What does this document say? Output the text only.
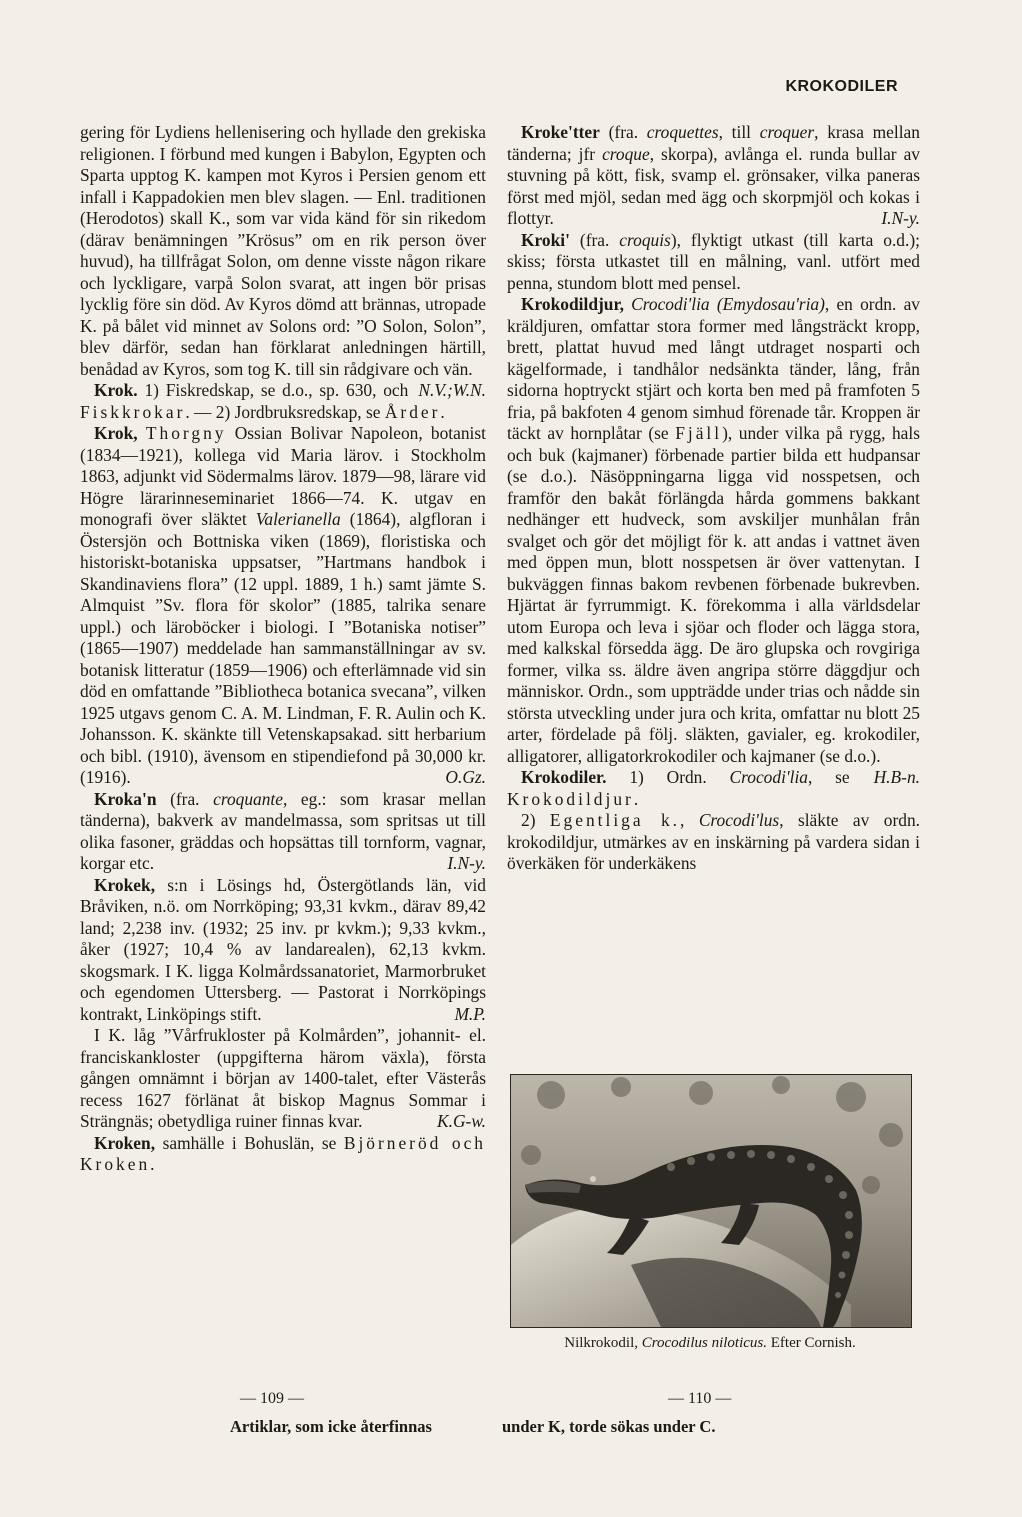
KROKODILER

gering för Lydiens hellenisering och hyllade den grekiska religionen. I förbund med kungen i Babylon, Egypten och Sparta upptog K. kampen mot Kyros i Persien genom ett infall i Kappadokien men blev slagen. — Enl. traditionen (Herodotos) skall K., som var vida känd för sin rikedom (därav benämningen ”Krösus” om en rik person över huvud), ha tillfrågat Solon, om denne visste någon rikare och lyckligare, varpå Solon svarat, att ingen bör prisas lycklig före sin död. Av Kyros dömd att brännas, utropade K. på bålet vid minnet av Solons ord: ”O Solon, Solon”, blev därför, sedan han förklarat anledningen härtill, benådad av Kyros, som tog K. till sin rådgivare och vän.
N.V.;W.N.

Krok. 1) Fiskredskap, se d.o., sp. 630, och Fiskkrokar. — 2) Jordbruksredskap, se Årder.

Krok, Thorgny Ossian Bolivar Napoleon, botanist (1834—1921), kollega vid Maria lärov. i Stockholm 1863, adjunkt vid Södermalms lärov. 1879—98, lärare vid Högre lärarinneseminariet 1866—74. K. utgav en monografi över släktet Valerianella (1864), algfloran i Östersjön och Bottniska viken (1869), floristiska och historiskt-botaniska uppsatser, ”Hartmans handbok i Skandinaviens flora” (12 uppl. 1889, 1 h.) samt jämte S. Almquist ”Sv. flora för skolor” (1885, talrika senare uppl.) och läroböcker i biologi. I ”Botaniska notiser” (1865—1907) meddelade han sammanställningar av sv. botanisk litteratur (1859—1906) och efterlämnade vid sin död en omfattande ”Bibliotheca botanica svecana”, vilken 1925 utgavs genom C. A. M. Lindman, F. R. Aulin och K. Johansson. K. skänkte till Vetenskapsakad. sitt herbarium och bibl. (1910), ävensom en stipendiefond på 30,000 kr. (1916).	O.Gz.

Kroka'n (fra. croquante, eg.: som krasar mellan tänderna), bakverk av mandelmassa, som spritsas ut till olika fasoner, gräddas och hopsättas till tornform, vagnar, korgar etc.	I.N-y.

Krokek, s:n i Lösings hd, Östergötlands län, vid Bråviken, n.ö. om Norrköping; 93,31 kvkm., därav 89,42 land; 2,238 inv. (1932; 25 inv. pr kvkm.); 9,33 kvkm., åker (1927; 10,4 % av landarealen), 62,13 kvkm. skogsmark. I K. ligga Kolmårdssanatoriet, Marmorbruket och egendomen Uttersberg. — Pastorat i Norrköpings kontrakt, Linköpings stift.	M.P.

I K. låg ”Vårfrukloster på Kolmården”, johannit- el. franciskankloster (uppgifterna härom växla), första gången omnämnt i början av 1400-talet, efter Västerås recess 1627 förlänat åt biskop Magnus Sommar i Strängnäs; obetydliga ruiner finnas kvar.	K.G-w.

Kroken, samhälle i Bohuslän, se Björneröd och Kroken.

Kroke'tter (fra. croquettes, till croquer, krasa mellan tänderna; jfr croque, skorpa), avlånga el. runda bullar av stuvning på kött, fisk, svamp el. grönsaker, vilka paneras först med mjöl, sedan med ägg och skorpmjöl och kokas i flottyr.	I.N-y.

Kroki' (fra. croquis), flyktigt utkast (till karta o.d.); skiss; första utkastet till en målning, vanl. utfört med penna, stundom blott med pensel.

Krokodildjur, Crocodi'lia (Emydosau'ria), en ordn. av kräldjuren, omfattar stora former med långsträckt kropp, brett, plattat huvud med långt utdraget nosparti och kägelformade, i tandhålor nedsänkta tänder, lång, från sidorna hoptryckt stjärt och korta ben med på framfoten 5 fria, på bakfoten 4 genom simhud förenade tår. Kroppen är täckt av hornplåtar (se Fjäll), under vilka på rygg, hals och buk (kajmaner) förbenade partier bilda ett hudpansar (se d.o.). Näsöppningarna ligga vid nosspetsen, och framför den bakåt förlängda hårda gommens bakkant nedhänger ett hudveck, som avskiljer munhålan från svalget och gör det möjligt för k. att andas i vattnet även med öppen mun, blott nosspetsen är över vattenytan. I bukväggen finnas bakom revbenen förbenade bukrevben. Hjärtat är fyrrummigt. K. förekomma i alla världsdelar utom Europa och leva i sjöar och floder och lägga stora, med kalkskal försedda ägg. De äro glupska och rovgiriga former, vilka ss. äldre även angripa större däggdjur och människor. Ordn., som uppträdde under trias och nådde sin största utveckling under jura och krita, omfattar nu blott 25 arter, fördelade på följ. släkten, gavialer, eg. krokodiler, alligatorer, alligatorkrokodiler och kajmaner (se d.o.).
H.B-n.

Krokodiler. 1) Ordn. Crocodi'lia, se Krokodildjur.

2) Egentliga k., Crocodi'lus, släkte av ordn. krokodildjur, utmärkes av en inskärning på vardera sidan i överkäken för underkäkens

Nilkrokodil, Crocodilus niloticus. Efter Cornish.
— 109 —	— 110 —
Artiklar, som icke återfinnas	under K, torde sökas under C.
